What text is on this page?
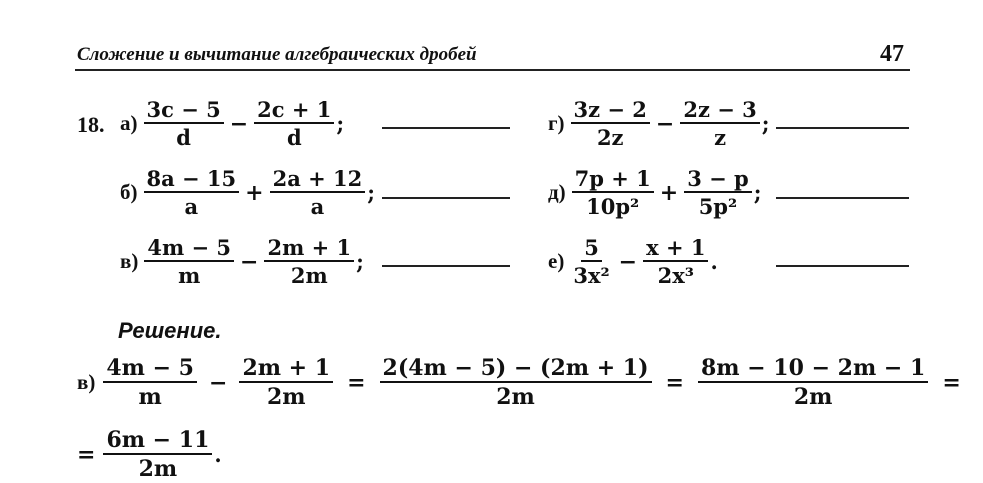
Сложение и вычитание алгебраических дробей	47
18. $а) \frac{3c - 5}{d} - \frac{2c + 1}{d}$ ;
$б) \frac{8a - 15}{a} + \frac{2a + 12}{a}$ ;
$в) \frac{4m - 5}{m} - \frac{2m + 1}{2m}$ ;
$г) \frac{3z - 2}{2z} - \frac{2z - 3}{z}$ ;
$д) \frac{7p + 1}{\text{10p²}} + \frac{3 - p}{\text{5p²}}$ ;
$е) \frac{5}{\text{3x²}} - \frac{x + 1}{\text{2x³}}$ .
Решение.
$в) \frac{4m - 5}{m} - \frac{2m + 1}{2m} = \frac{2(4m - 5) - (2m + 1)}{2m} = \frac{8m - 10 - 2m - 1}{2m}$ =
= $\frac{6m - 11}{2m}$ .
